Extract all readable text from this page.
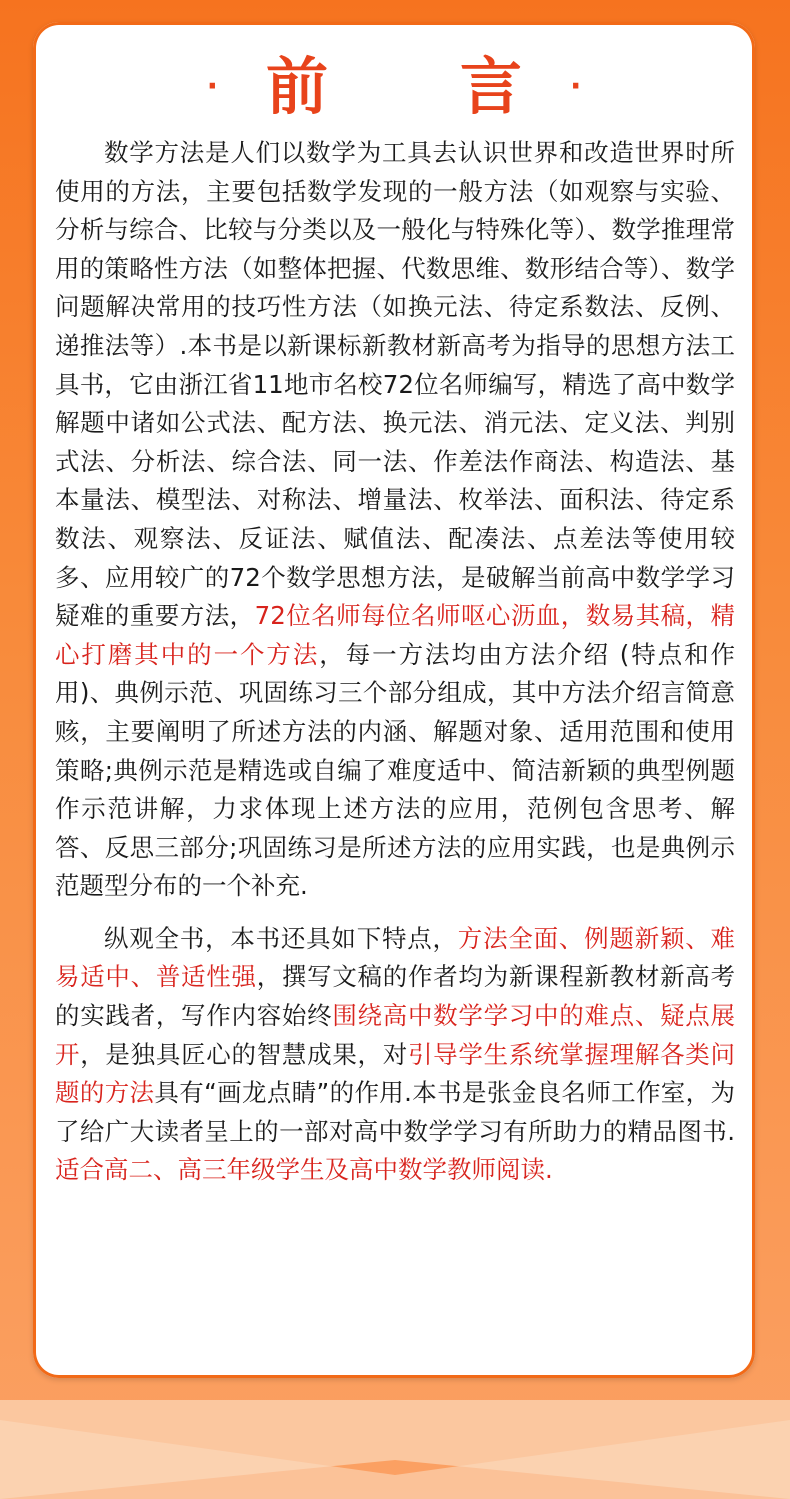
· 前 言 ·

数学方法是人们以数学为工具去认识世界和改造世界时所使用的方法，主要包括数学发现的一般方法（如观察与实验、分析与综合、比较与分类以及一般化与特殊化等）、数学推理常用的策略性方法（如整体把握、代数思维、数形结合等）、数学问题解决常用的技巧性方法（如换元法、待定系数法、反例、递推法等）.本书是以新课标新教材新高考为指导的思想方法工具书，它由浙江省11地市名校72位名师编写，精选了高中数学解题中诸如公式法、配方法、换元法、消元法、定义法、判别式法、分析法、综合法、同一法、作差法作商法、构造法、基本量法、模型法、对称法、增量法、枚举法、面积法、待定系数法、观察法、反证法、赋值法、配凑法、点差法等使用较多、应用较广的72个数学思想方法，是破解当前高中数学学习疑难的重要方法，72位名师每位名师呕心沥血，数易其稿，精心打磨其中的一个方法，每一方法均由方法介绍 (特点和作用)、典例示范、巩固练习三个部分组成，其中方法介绍言简意赅，主要阐明了所述方法的内涵、解题对象、适用范围和使用策略;典例示范是精选或自编了难度适中、简洁新颖的典型例题作示范讲解，力求体现上述方法的应用，范例包含思考、解答、反思三部分;巩固练习是所述方法的应用实践，也是典例示范题型分布的一个补充.

纵观全书，本书还具如下特点，方法全面、例题新颖、难易适中、普适性强，撰写文稿的作者均为新课程新教材新高考的实践者，写作内容始终围绕高中数学学习中的难点、疑点展开，是独具匠心的智慧成果，对引导学生系统掌握理解各类问题的方法具有“画龙点睛”的作用.本书是张金良名师工作室，为了给广大读者呈上的一部对高中数学学习有所助力的精品图书.适合高二、高三年级学生及高中数学教师阅读.
